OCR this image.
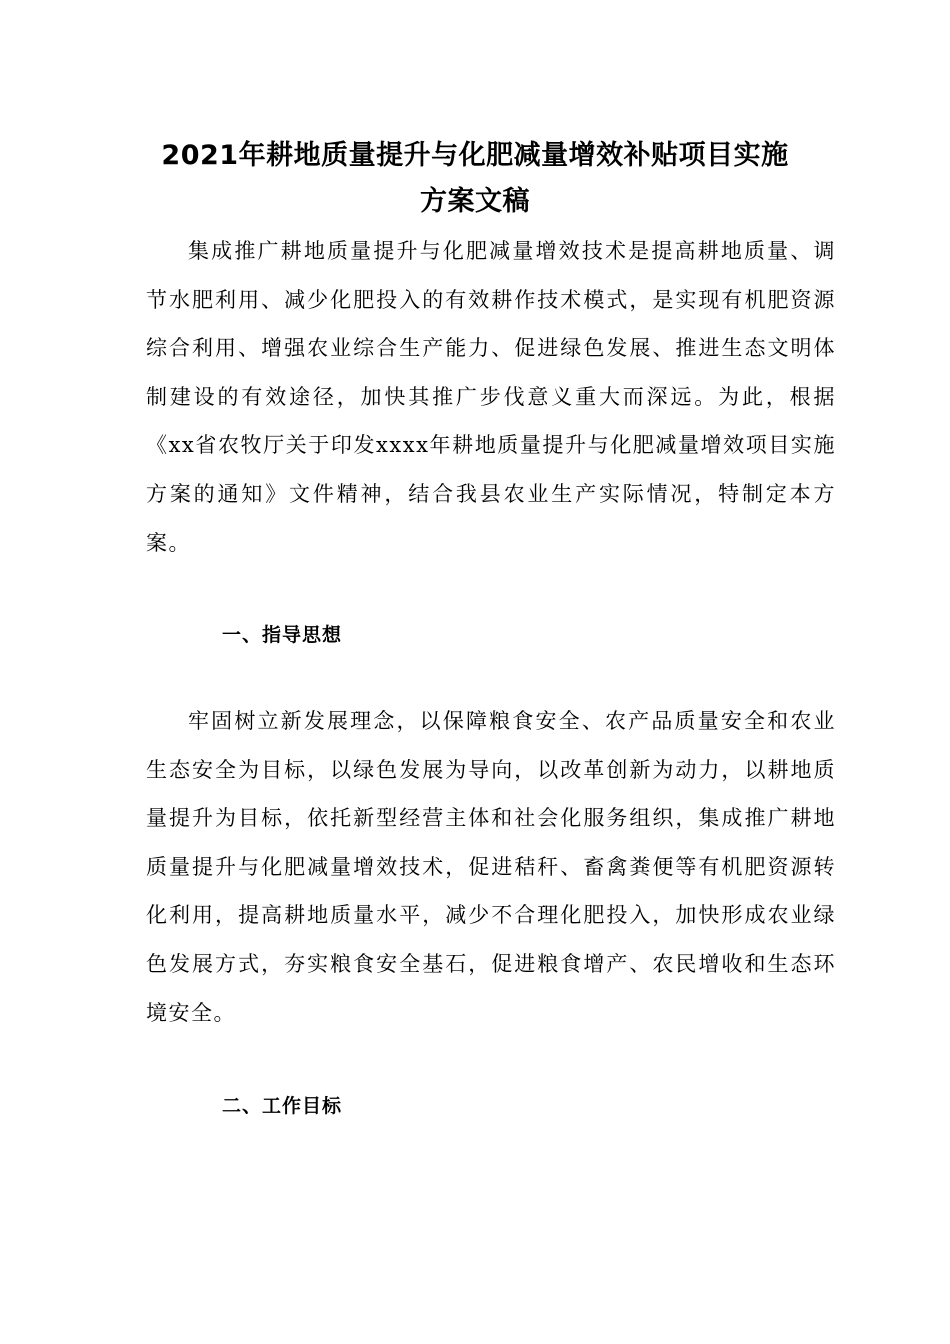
2021年耕地质量提升与化肥减量增效补贴项目实施
方案文稿

集成推广耕地质量提升与化肥减量增效技术是提高耕地质量、调节水肥利用、减少化肥投入的有效耕作技术模式，是实现有机肥资源综合利用、增强农业综合生产能力、促进绿色发展、推进生态文明体制建设的有效途径，加快其推广步伐意义重大而深远。为此，根据《xx省农牧厅关于印发xxxx年耕地质量提升与化肥减量增效项目实施方案的通知》文件精神，结合我县农业生产实际情况，特制定本方案。

一、指导思想

牢固树立新发展理念，以保障粮食安全、农产品质量安全和农业生态安全为目标，以绿色发展为导向，以改革创新为动力，以耕地质量提升为目标，依托新型经营主体和社会化服务组织，集成推广耕地质量提升与化肥减量增效技术，促进秸秆、畜禽粪便等有机肥资源转化利用，提高耕地质量水平，减少不合理化肥投入，加快形成农业绿色发展方式，夯实粮食安全基石，促进粮食增产、农民增收和生态环境安全。

二、工作目标
